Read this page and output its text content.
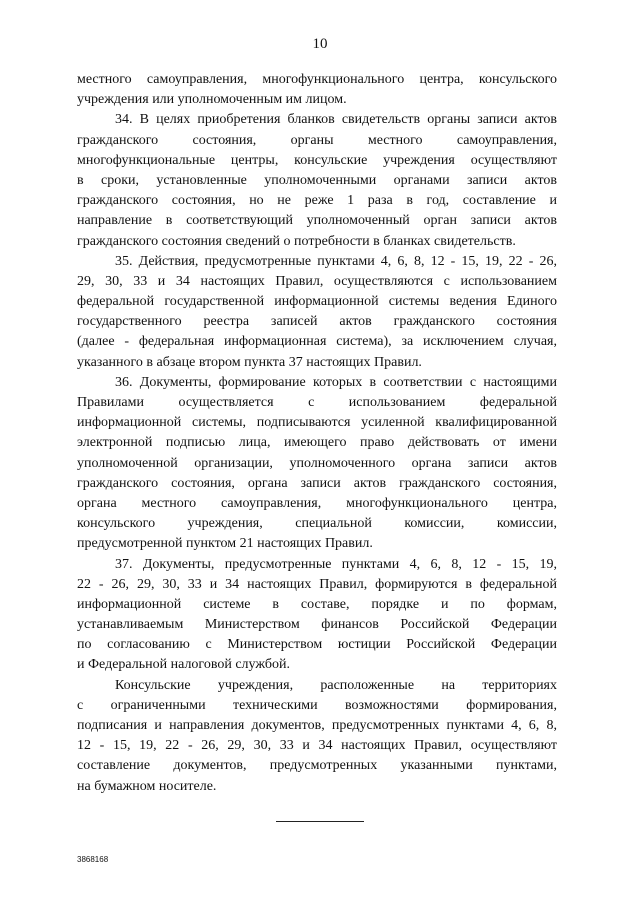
10
местного самоуправления, многофункционального центра, консульского
учреждения или уполномоченным им лицом.
34. В целях приобретения бланков свидетельств органы записи актов
гражданского состояния, органы местного самоуправления,
многофункциональные центры, консульские учреждения осуществляют
в сроки, установленные уполномоченными органами записи актов
гражданского состояния, но не реже 1 раза в год, составление и
направление в соответствующий уполномоченный орган записи актов
гражданского состояния сведений о потребности в бланках свидетельств.
35. Действия, предусмотренные пунктами 4, 6, 8, 12 - 15, 19, 22 - 26,
29, 30, 33 и 34 настоящих Правил, осуществляются с использованием
федеральной государственной информационной системы ведения Единого
государственного реестра записей актов гражданского состояния
(далее - федеральная информационная система), за исключением случая,
указанного в абзаце втором пункта 37 настоящих Правил.
36. Документы, формирование которых в соответствии с настоящими
Правилами осуществляется с использованием федеральной
информационной системы, подписываются усиленной квалифицированной
электронной подписью лица, имеющего право действовать от имени
уполномоченной организации, уполномоченного органа записи актов
гражданского состояния, органа записи актов гражданского состояния,
органа местного самоуправления, многофункционального центра,
консульского учреждения, специальной комиссии, комиссии,
предусмотренной пунктом 21 настоящих Правил.
37. Документы, предусмотренные пунктами 4, 6, 8, 12 - 15, 19,
22 - 26, 29, 30, 33 и 34 настоящих Правил, формируются в федеральной
информационной системе в составе, порядке и по формам,
устанавливаемым Министерством финансов Российской Федерации
по согласованию с Министерством юстиции Российской Федерации
и Федеральной налоговой службой.
Консульские учреждения, расположенные на территориях
с ограниченными техническими возможностями формирования,
подписания и направления документов, предусмотренных пунктами 4, 6, 8,
12 - 15, 19, 22 - 26, 29, 30, 33 и 34 настоящих Правил, осуществляют
составление документов, предусмотренных указанными пунктами,
на бумажном носителе.
3868168
